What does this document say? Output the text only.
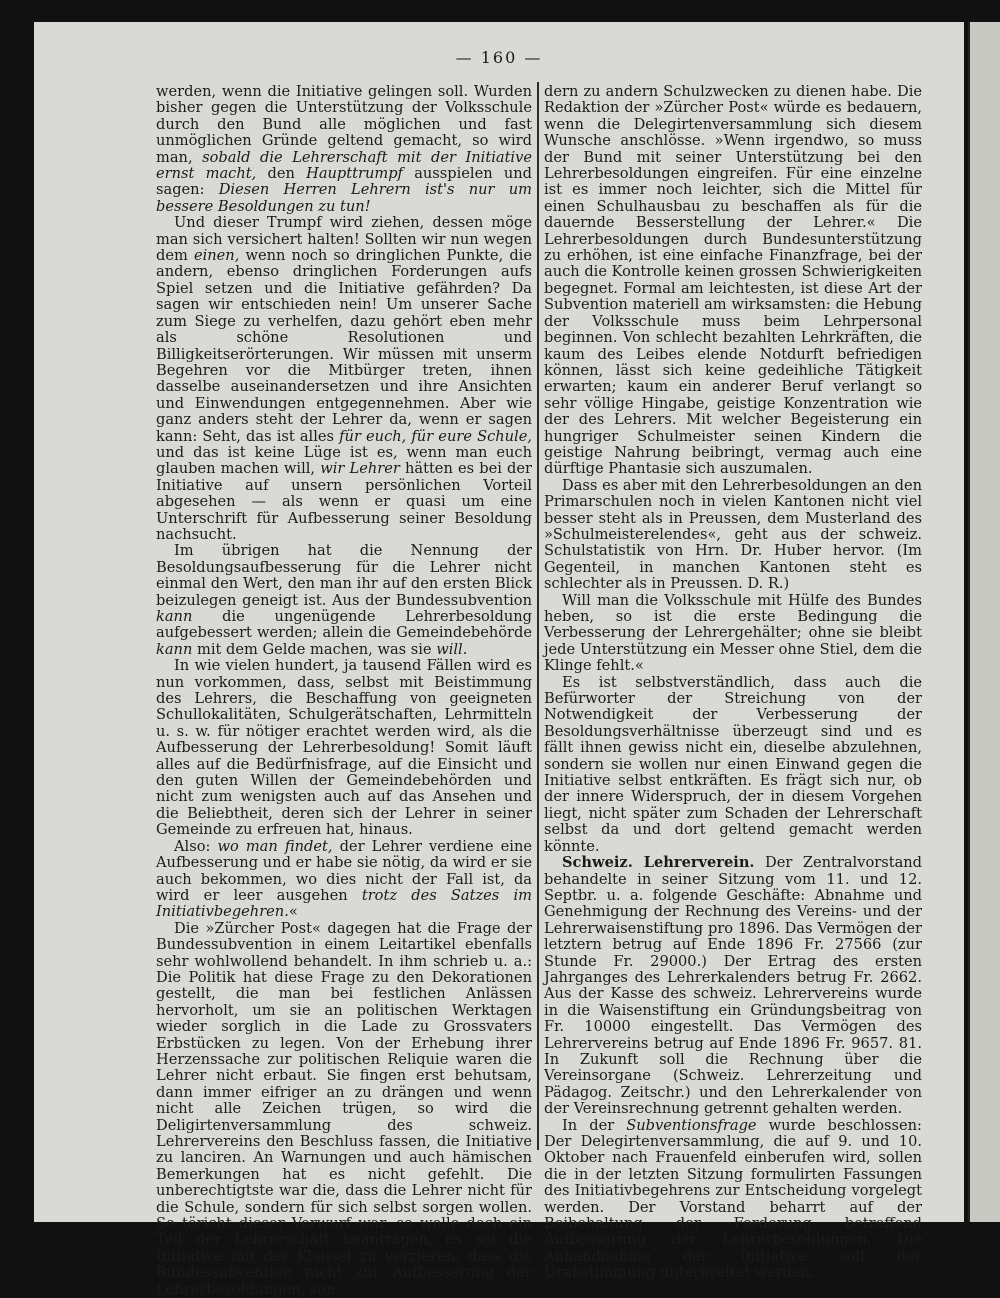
— 160 —

werden, wenn die Initiative gelingen soll. Wurden bisher gegen die Unterstützung der Volksschule durch den Bund alle möglichen und fast unmöglichen Gründe geltend gemacht, so wird man, sobald die Lehrerschaft mit der Initiative ernst macht, den Haupttrumpf ausspielen und sagen: Diesen Herren Lehrern ist's nur um bessere Besoldungen zu tun!

Und dieser Trumpf wird ziehen, dessen möge man sich versichert halten! Sollten wir nun wegen dem einen, wenn noch so dringlichen Punkte, die andern, ebenso dringlichen Forderungen aufs Spiel setzen und die Initiative gefährden? Da sagen wir entschieden nein! Um unserer Sache zum Siege zu verhelfen, dazu gehört eben mehr als schöne Resolutionen und Billigkeitserörterungen. Wir müssen mit unserm Begehren vor die Mitbürger treten, ihnen dasselbe auseinandersetzen und ihre Ansichten und Einwendungen entgegennehmen. Aber wie ganz anders steht der Lehrer da, wenn er sagen kann: Seht, das ist alles für euch, für eure Schule, und das ist keine Lüge ist es, wenn man euch glauben machen will, wir Lehrer hätten es bei der Initiative auf unsern persönlichen Vorteil abgesehen — als wenn er quasi um eine Unterschrift für Aufbesserung seiner Besoldung nachsucht.

Im übrigen hat die Nennung der Besoldungsaufbesserung für die Lehrer nicht einmal den Wert, den man ihr auf den ersten Blick beizulegen geneigt ist. Aus der Bundessubvention kann die ungenügende Lehrerbesoldung aufgebessert werden; allein die Gemeindebehörde kann mit dem Gelde machen, was sie will.

In wie vielen hundert, ja tausend Fällen wird es nun vorkommen, dass, selbst mit Beistimmung des Lehrers, die Beschaffung von geeigneten Schullokalitäten, Schulgerätschaften, Lehrmitteln u. s. w. für nötiger erachtet werden wird, als die Aufbesserung der Lehrerbesoldung! Somit läuft alles auf die Bedürfnisfrage, auf die Einsicht und den guten Willen der Gemeindebehörden und nicht zum wenigsten auch auf das Ansehen und die Beliebtheit, deren sich der Lehrer in seiner Gemeinde zu erfreuen hat, hinaus.

Also: wo man findet, der Lehrer verdiene eine Aufbesserung und er habe sie nötig, da wird er sie auch bekommen, wo dies nicht der Fall ist, da wird er leer ausgehen trotz des Satzes im Initiativbegehren.«

Die »Zürcher Post« dagegen hat die Frage der Bundessubvention in einem Leitartikel ebenfalls sehr wohlwollend behandelt. In ihm schrieb u. a.: Die Politik hat diese Frage zu den Dekorationen gestellt, die man bei festlichen Anlässen hervorholt, um sie an politischen Werktagen wieder sorglich in die Lade zu Grossvaters Erbstücken zu legen. Von der Erhebung ihrer Herzenssache zur politischen Reliquie waren die Lehrer nicht erbaut. Sie fingen erst behutsam, dann immer eifriger an zu drängen und wenn nicht alle Zeichen trügen, so wird die Deligirtenversammlung des schweiz. Lehrervereins den Beschluss fassen, die Initiative zu lanciren. An Warnungen und auch hämischen Bemerkungen hat es nicht gefehlt. Die unberechtigtste war die, dass die Lehrer nicht für die Schule, sondern für sich selbst sorgen wollen. So töricht dieser Vorwurf war, so wolle doch ein Teil der Lehrerschaft beantragen, es sei die Initiative mit der Klausel zu verzieren, dass die Bundessubvention nicht zur Aufbesserung der Lehrerbesoldungen, son-

dern zu andern Schulzwecken zu dienen habe. Die Redaktion der »Zürcher Post« würde es bedauern, wenn die Delegirtenversammlung sich diesem Wunsche anschlösse. »Wenn irgendwo, so muss der Bund mit seiner Unterstützung bei den Lehrerbesoldungen eingreifen. Für eine einzelne ist es immer noch leichter, sich die Mittel für einen Schulhausbau zu beschaffen als für die dauernde Besserstellung der Lehrer.« Die Lehrerbesoldungen durch Bundesunterstützung zu erhöhen, ist eine einfache Finanzfrage, bei der auch die Kontrolle keinen grossen Schwierigkeiten begegnet. Formal am leichtesten, ist diese Art der Subvention materiell am wirksamsten: die Hebung der Volksschule muss beim Lehrpersonal beginnen. Von schlecht bezahlten Lehrkräften, die kaum des Leibes elende Notdurft befriedigen können, lässt sich keine gedeihliche Tätigkeit erwarten; kaum ein anderer Beruf verlangt so sehr völlige Hingabe, geistige Konzentration wie der des Lehrers. Mit welcher Begeisterung ein hungriger Schulmeister seinen Kindern die geistige Nahrung beibringt, vermag auch eine dürftige Phantasie sich auszumalen.

Dass es aber mit den Lehrerbesoldungen an den Primarschulen noch in vielen Kantonen nicht viel besser steht als in Preussen, dem Musterland des »Schulmeisterelendes«, geht aus der schweiz. Schulstatistik von Hrn. Dr. Huber hervor. (Im Gegenteil, in manchen Kantonen steht es schlechter als in Preussen. D. R.)

Will man die Volksschule mit Hülfe des Bundes heben, so ist die erste Bedingung die Verbesserung der Lehrergehälter; ohne sie bleibt jede Unterstützung ein Messer ohne Stiel, dem die Klinge fehlt.«

Es ist selbstverständlich, dass auch die Befürworter der Streichung von der Notwendigkeit der Verbesserung der Besoldungsverhältnisse überzeugt sind und es fällt ihnen gewiss nicht ein, dieselbe abzulehnen, sondern sie wollen nur einen Einwand gegen die Initiative selbst entkräften. Es frägt sich nur, ob der innere Widerspruch, der in diesem Vorgehen liegt, nicht später zum Schaden der Lehrerschaft selbst da und dort geltend gemacht werden könnte.

Schweiz. Lehrerverein. Der Zentralvorstand behandelte in seiner Sitzung vom 11. und 12. Septbr. u. a. folgende Geschäfte: Abnahme und Genehmigung der Rechnung des Vereins- und der Lehrerwaisenstiftung pro 1896. Das Vermögen der letztern betrug auf Ende 1896 Fr. 27566 (zur Stunde Fr. 29000.) Der Ertrag des ersten Jahrganges des Lehrerkalenders betrug Fr. 2662. Aus der Kasse des schweiz. Lehrervereins wurde in die Waisenstiftung ein Gründungsbeitrag von Fr. 10000 eingestellt. Das Vermögen des Lehrervereins betrug auf Ende 1896 Fr. 9657. 81. In Zukunft soll die Rechnung über die Vereinsorgane (Schweiz. Lehrerzeitung und Pädagog. Zeitschr.) und den Lehrerkalender von der Vereinsrechnung getrennt gehalten werden.

In der Subventionsfrage wurde beschlossen: Der Delegirtenversammlung, die auf 9. und 10. Oktober nach Frauenfeld einberufen wird, sollen die in der letzten Sitzung formulirten Fassungen des Initiativbegehrens zur Entscheidung vorgelegt werden. Der Vorstand beharrt auf der Beibehaltung der Forderung betreffend Aufbesserung der Lehrerbesoldungen. Die Anhandnahme der Initiative soll der Urabstimmung unterbreitet werden.
